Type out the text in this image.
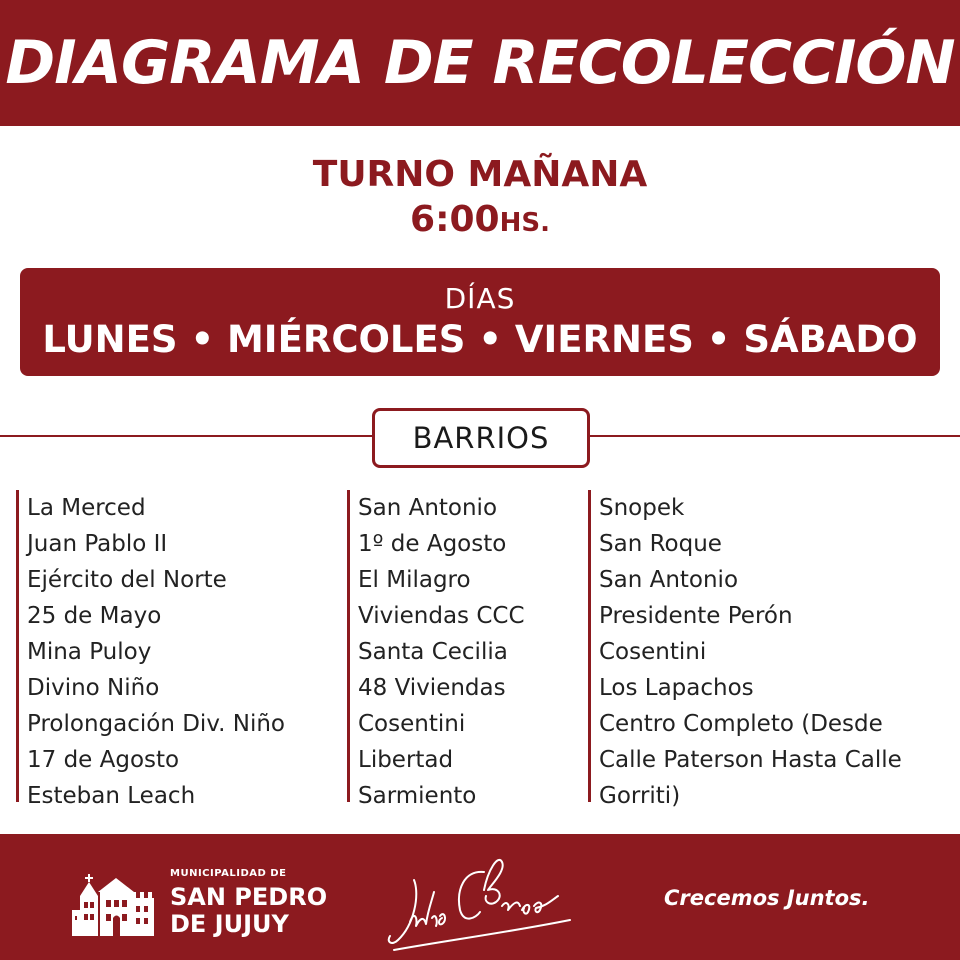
DIAGRAMA DE RECOLECCIÓN
TURNO MAÑANA
6:00HS.
DÍAS
LUNES • MIÉRCOLES • VIERNES • SÁBADO
BARRIOS
La Merced
Juan Pablo II
Ejército del Norte
25 de Mayo
Mina Puloy
Divino Niño
Prolongación Div. Niño
17 de Agosto
Esteban Leach
San Antonio
1º de Agosto
El Milagro
Viviendas CCC
Santa Cecilia
48 Viviendas
Cosentini
Libertad
Sarmiento
Snopek
San Roque
San Antonio
Presidente Perón
Cosentini
Los Lapachos
Centro Completo (Desde
Calle Paterson Hasta Calle
Gorriti)
MUNICIPALIDAD DE
SAN PEDRO
DE JUJUY
Crecemos Juntos.
